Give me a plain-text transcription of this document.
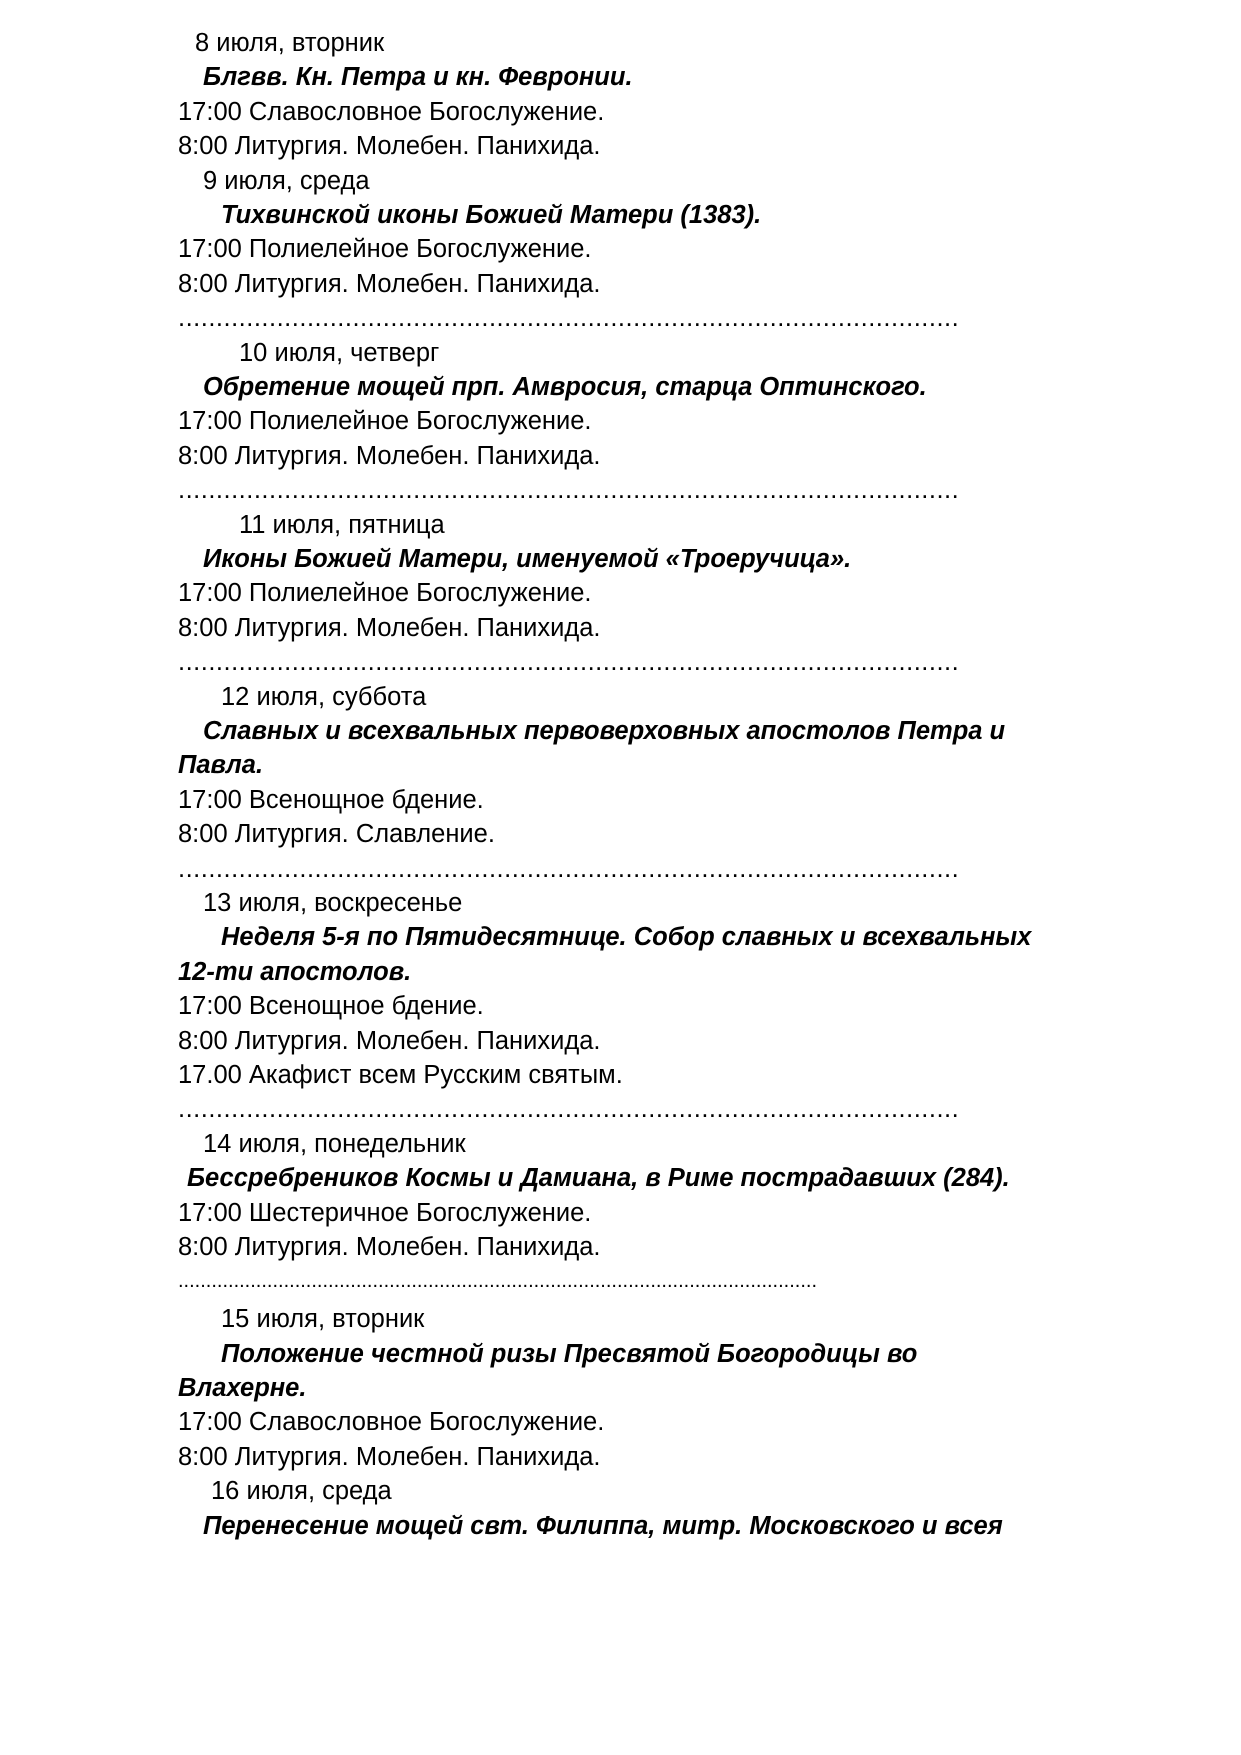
8 июля, вторник
Блгвв. Кн. Петра и кн. Февронии.
17:00 Славословное Богослужение.
8:00 Литургия. Молебен. Панихида.
9 июля, среда
Тихвинской иконы Божией Матери (1383).
17:00 Полиелейное Богослужение.
8:00 Литургия. Молебен. Панихида.
.......................................................................................................
10 июля, четверг
Обретение мощей прп. Амвросия, старца Оптинского.
17:00 Полиелейное Богослужение.
8:00 Литургия. Молебен. Панихида.
.......................................................................................................
11 июля, пятница
Иконы Божией Матери, именуемой «Троеручица».
17:00 Полиелейное Богослужение.
8:00 Литургия. Молебен. Панихида.
.......................................................................................................
12 июля, суббота
Славных и всехвальных первоверховных апостолов Петра и
Павла.
17:00 Всенощное бдение.
8:00 Литургия. Славление.
.......................................................................................................
13 июля, воскресенье
Неделя 5-я по Пятидесятнице. Собор славных и всехвальных
12-ти апостолов.
17:00 Всенощное бдение.
8:00 Литургия. Молебен. Панихида.
17.00 Акафист всем Русским святым.
.......................................................................................................
14 июля, понедельник
Бессребреников Космы и Дамиана, в Риме пострадавших (284).
17:00 Шестеричное Богослужение.
8:00 Литургия. Молебен. Панихида.
...................................................................................................................
15 июля, вторник
Положение честной ризы Пресвятой Богородицы во
Влахерне.
17:00 Славословное Богослужение.
8:00 Литургия. Молебен. Панихида.
16 июля, среда
Перенесение мощей свт. Филиппа, митр. Московского и всея
